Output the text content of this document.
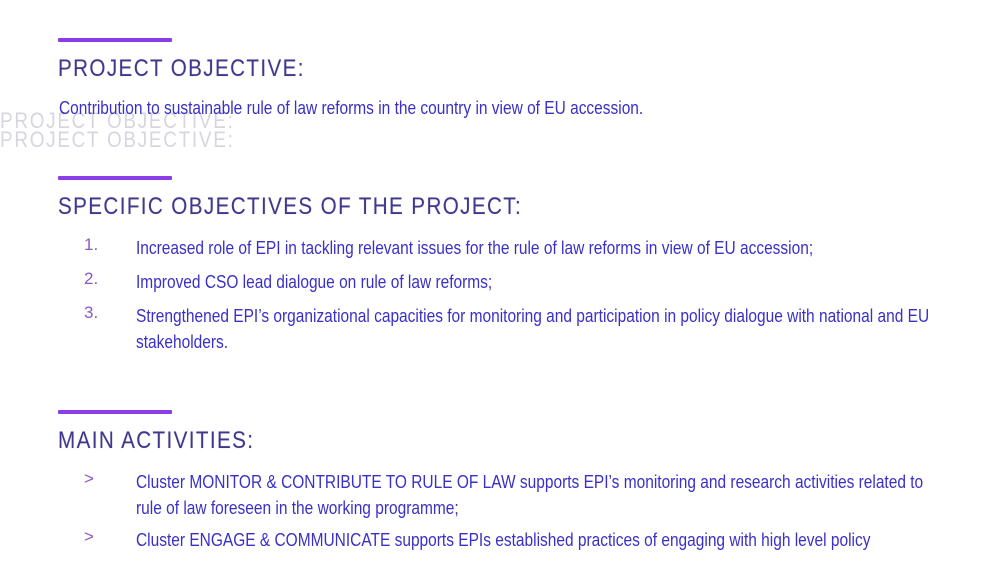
PROJECT OBJECTIVE:
PROJECT OBJECTIVE:
PROJECT OBJECTIVE:
Contribution to sustainable rule of law reforms in the country in view of EU accession.
SPECIFIC OBJECTIVES OF THE PROJECT:
1. Increased role of EPI in tackling relevant issues for the rule of law reforms in view of EU accession;
2. Improved CSO lead dialogue on rule of law reforms;
3. Strengthened EPI’s organizational capacities for monitoring and participation in policy dialogue with national and EU stakeholders.
MAIN ACTIVITIES:
> Cluster MONITOR & CONTRIBUTE TO RULE OF LAW supports EPI’s monitoring and research activities related to rule of law foreseen in the working programme;
> Cluster ENGAGE & COMMUNICATE supports EPIs established practices of engaging with high level policy
